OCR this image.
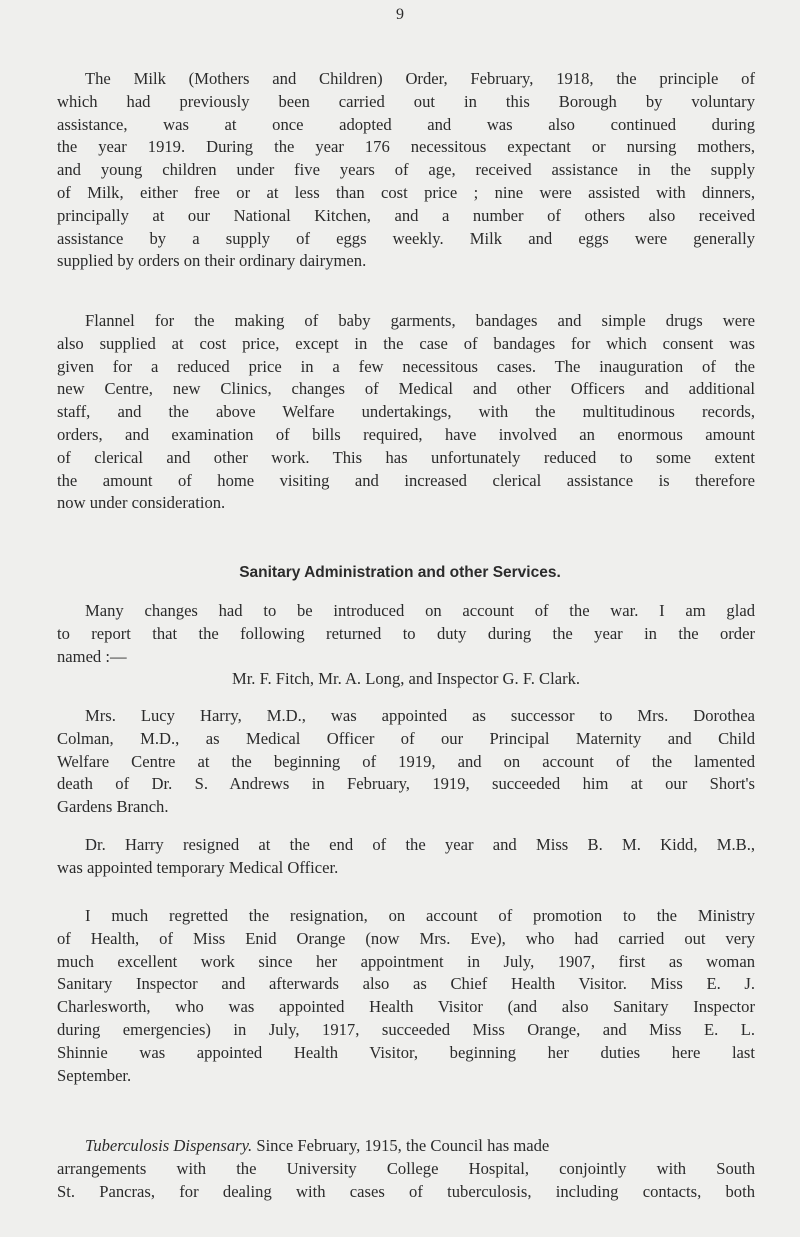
9
The Milk (Mothers and Children) Order, February, 1918, the principle of
which had previously been carried out in this Borough by voluntary
assistance, was at once adopted and was also continued during
the year 1919. During the year 176 necessitous expectant or nursing mothers,
and young children under five years of age, received assistance in the supply
of Milk, either free or at less than cost price ; nine were assisted with dinners,
principally at our National Kitchen, and a number of others also received
assistance by a supply of eggs weekly. Milk and eggs were generally
supplied by orders on their ordinary dairymen.
Flannel for the making of baby garments, bandages and simple drugs were
also supplied at cost price, except in the case of bandages for which consent was
given for a reduced price in a few necessitous cases. The inauguration of the
new Centre, new Clinics, changes of Medical and other Officers and additional
staff, and the above Welfare undertakings, with the multitudinous records,
orders, and examination of bills required, have involved an enormous amount
of clerical and other work. This has unfortunately reduced to some extent
the amount of home visiting and increased clerical assistance is therefore
now under consideration.
Sanitary Administration and other Services.
Many changes had to be introduced on account of the war. I am glad
to report that the following returned to duty during the year in the order
named :—
Mr. F. Fitch, Mr. A. Long, and Inspector G. F. Clark.
Mrs. Lucy Harry, M.D., was appointed as successor to Mrs. Dorothea
Colman, M.D., as Medical Officer of our Principal Maternity and Child
Welfare Centre at the beginning of 1919, and on account of the lamented
death of Dr. S. Andrews in February, 1919, succeeded him at our Short's
Gardens Branch.
Dr. Harry resigned at the end of the year and Miss B. M. Kidd, M.B.,
was appointed temporary Medical Officer.
I much regretted the resignation, on account of promotion to the Ministry
of Health, of Miss Enid Orange (now Mrs. Eve), who had carried out very
much excellent work since her appointment in July, 1907, first as woman
Sanitary Inspector and afterwards also as Chief Health Visitor. Miss E. J.
Charlesworth, who was appointed Health Visitor (and also Sanitary Inspector
during emergencies) in July, 1917, succeeded Miss Orange, and Miss E. L.
Shinnie was appointed Health Visitor, beginning her duties here last
September.
Tuberculosis Dispensary. Since February, 1915, the Council has made
arrangements with the University College Hospital, conjointly with South
St. Pancras, for dealing with cases of tuberculosis, including contacts, both
